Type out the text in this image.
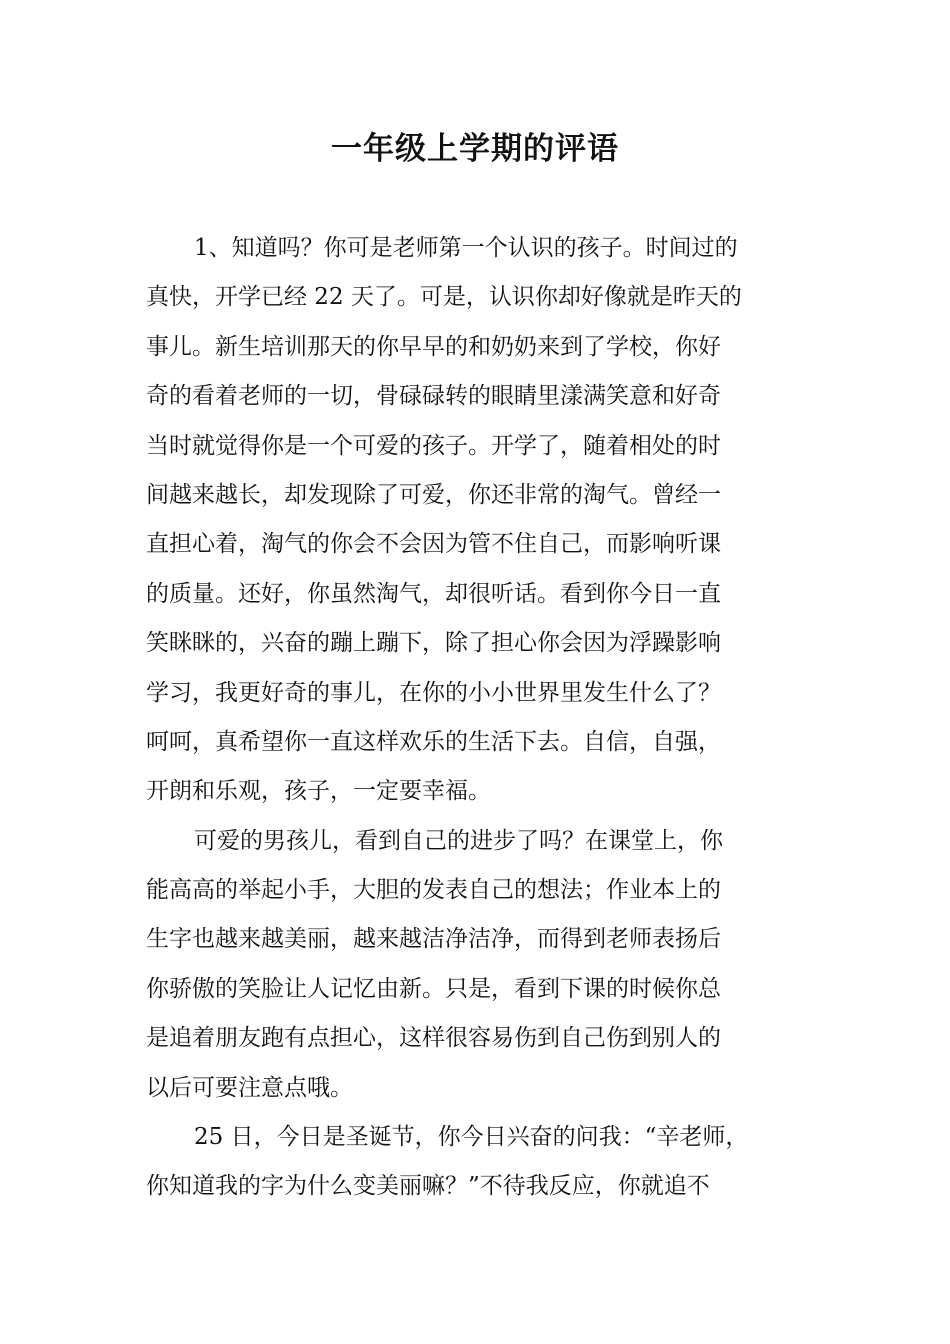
一年级上学期的评语
1、知道吗？你可是老师第一个认识的孩子。时间过的
真快，开学已经 22 天了。可是，认识你却好像就是昨天的
事儿。新生培训那天的你早早的和奶奶来到了学校，你好
奇的看着老师的一切，骨碌碌转的眼睛里漾满笑意和好奇
当时就觉得你是一个可爱的孩子。开学了，随着相处的时
间越来越长，却发现除了可爱，你还非常的淘气。曾经一
直担心着，淘气的你会不会因为管不住自己，而影响听课
的质量。还好，你虽然淘气，却很听话。看到你今日一直
笑眯眯的，兴奋的蹦上蹦下，除了担心你会因为浮躁影响
学习，我更好奇的事儿，在你的小小世界里发生什么了？
呵呵，真希望你一直这样欢乐的生活下去。自信，自强，
开朗和乐观，孩子，一定要幸福。
可爱的男孩儿，看到自己的进步了吗？在课堂上，你
能高高的举起小手，大胆的发表自己的想法；作业本上的
生字也越来越美丽，越来越洁净洁净，而得到老师表扬后
你骄傲的笑脸让人记忆由新。只是，看到下课的时候你总
是追着朋友跑有点担心，这样很容易伤到自己伤到别人的
以后可要注意点哦。
25 日，今日是圣诞节，你今日兴奋的问我：“辛老师，
你知道我的字为什么变美丽嘛？”不待我反应，你就追不
